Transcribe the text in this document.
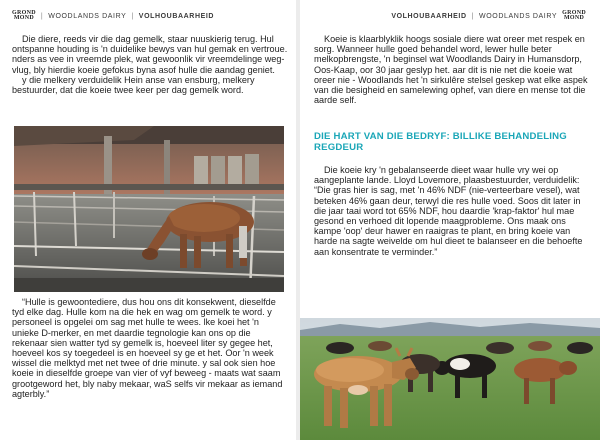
GROND
MOND | WOODLANDS DAIRY | VOLHOUBAARHEID

Die diere, reeds vir die dag gemelk, staar nuuskierig terug. Hul ontspanne houding is 'n duidelike bewys van hul gemak en vertroue. nders as vee in vreemde plek, wat gewoonlik vir vreemdelinge weg-vlug, bly hierdie koeie gefokus byna asof hulle die aandag geniet.

y die melkery verduidelik Hein anse van ensburg, melkery bestuurder, dat die koeie twee keer per dag gemelk word.

“Hulle is gewoontediere, dus hou ons dit konsekwent, dieselfde tyd elke dag. Hulle kom na die hek en wag om gemelk te word. y personeel is opgelei om sag met hulle te wees. lke koei het 'n unieke D-merker, en met daardie tegnologie kan ons op die rekenaar sien watter tyd sy gemelk is, hoeveel liter sy gegee het, hoeveel kos sy toegedeel is en hoeveel sy ge et het. Oor 'n week wissel die melktyd met net twee of drie minute. y sal ook sien hoe koeie in dieselfde groepe van vier of vyf beweeg - maats wat saam grootgeword het, bly naby mekaar, waS selfs vir mekaar as iemand agterbly.”

VOLHOUBAARHEID | WOODLANDS DAIRY GROND
MOND

Koeie is klaarblyklik hoogs sosiale diere wat oreer met respek en sorg. Wanneer hulle goed behandel word, lewer hulle beter melkopbrengste, 'n beginsel wat Woodlands Dairy in Humansdorp, Oos-Kaap, oor 30 jaar geslyp het. aar dit is nie net die koeie wat oreer nie - Woodlands het 'n sirkulêre stelsel geskep wat elke aspek van die besigheid en samelewing ophef, van diere en mense tot die aarde self.

DIE HART VAN DIE BEDRYF: BILLIKE BEHANDELING REGDEUR

Die koeie kry 'n gebalanseerde dieet waar hulle vry wei op aangeplante lande. Lloyd Lovemore, plaasbestuurder, verduidelik: “Die gras hier is sag, met 'n 46% NDF (nie-verteerbare vesel), wat beteken 46% gaan deur, terwyl die res hulle voed. Soos dit later in die jaar taai word tot 65% NDF, hou daardie 'krap-faktor' hul mae gesond en verhoed dit lopende maagprobleme. Ons maak ons kampe 'oop' deur hawer en raaigras te plant, en bring koeie van harde na sagte weivelde om hul dieet te balanseer en die behoefte aan konsentrate te verminder.”
